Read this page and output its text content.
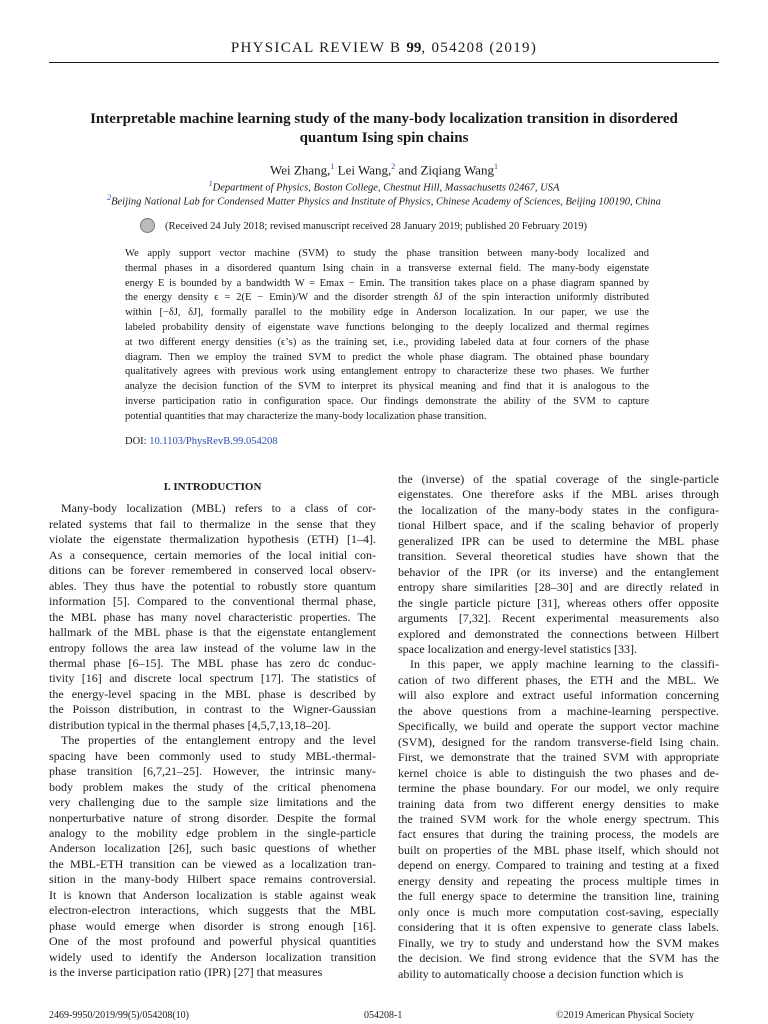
PHYSICAL REVIEW B 99, 054208 (2019)
Interpretable machine learning study of the many-body localization transition in disordered
quantum Ising spin chains
Wei Zhang,$^1$ Lei Wang,$^2$ and Ziqiang Wang$^1$
$^1$Department of Physics, Boston College, Chestnut Hill, Massachusetts 02467, USA
$^2$Beijing National Lab for Condensed Matter Physics and Institute of Physics, Chinese Academy of Sciences, Beijing 100190, China
(Received 24 July 2018; revised manuscript received 28 January 2019; published 20 February 2019)
We apply support vector machine (SVM) to study the phase transition between many-body localized and
thermal phases in a disordered quantum Ising chain in a transverse external field. The many-body eigenstate
energy E is bounded by a bandwidth W = Emax − Emin. The transition takes place on a phase diagram spanned by
the energy density ϵ = 2(E − Emin)/W and the disorder strength δJ of the spin interaction uniformly distributed
within [−δJ, δJ], formally parallel to the mobility edge in Anderson localization. In our paper, we use the
labeled probability density of eigenstate wave functions belonging to the deeply localized and thermal regimes
at two different energy densities (ϵ’s) as the training set, i.e., providing labeled data at four corners of the phase
diagram. Then we employ the trained SVM to predict the whole phase diagram. The obtained phase boundary
qualitatively agrees with previous work using entanglement entropy to characterize these two phases. We further
analyze the decision function of the SVM to interpret its physical meaning and find that it is analogous to the
inverse participation ratio in configuration space. Our findings demonstrate the ability of the SVM to capture
potential quantities that may characterize the many-body localization phase transition.
DOI: 10.1103/PhysRevB.99.054208
I. INTRODUCTION
Many-body localization (MBL) refers to a class of cor-
related systems that fail to thermalize in the sense that they
violate the eigenstate thermalization hypothesis (ETH) [1–4].
As a consequence, certain memories of the local initial con-
ditions can be forever remembered in conserved local observ-
ables. They thus have the potential to robustly store quantum
information [5]. Compared to the conventional thermal phase,
the MBL phase has many novel characteristic properties. The
hallmark of the MBL phase is that the eigenstate entanglement
entropy follows the area law instead of the volume law in the
thermal phase [6–15]. The MBL phase has zero dc conduc-
tivity [16] and discrete local spectrum [17]. The statistics of
the energy-level spacing in the MBL phase is described by
the Poisson distribution, in contrast to the Wigner-Gaussian
distribution typical in the thermal phases [4,5,7,13,18–20].
The properties of the entanglement entropy and the level
spacing have been commonly used to study MBL-thermal-
phase transition [6,7,21–25]. However, the intrinsic many-
body problem makes the study of the critical phenomena
very challenging due to the sample size limitations and the
nonperturbative nature of strong disorder. Despite the formal
analogy to the mobility edge problem in the single-particle
Anderson localization [26], such basic questions of whether
the MBL-ETH transition can be viewed as a localization tran-
sition in the many-body Hilbert space remains controversial.
It is known that Anderson localization is stable against weak
electron-electron interactions, which suggests that the MBL
phase would emerge when disorder is strong enough [16].
One of the most profound and powerful physical quantities
widely used to identify the Anderson localization transition
is the inverse participation ratio (IPR) [27] that measures
the (inverse) of the spatial coverage of the single-particle
eigenstates. One therefore asks if the MBL arises through
the localization of the many-body states in the configura-
tional Hilbert space, and if the scaling behavior of properly
generalized IPR can be used to determine the MBL phase
transition. Several theoretical studies have shown that the
behavior of the IPR (or its inverse) and the entanglement
entropy share similarities [28–30] and are directly related in
the single particle picture [31], whereas others offer opposite
arguments [7,32]. Recent experimental measurements also
explored and demonstrated the connections between Hilbert
space localization and energy-level statistics [33].
In this paper, we apply machine learning to the classifi-
cation of two different phases, the ETH and the MBL. We
will also explore and extract useful information concerning
the above questions from a machine-learning perspective.
Specifically, we build and operate the support vector machine
(SVM), designed for the random transverse-field Ising chain.
First, we demonstrate that the trained SVM with appropriate
kernel choice is able to distinguish the two phases and de-
termine the phase boundary. For our model, we only require
training data from two different energy densities to make
the trained SVM work for the whole energy spectrum. This
fact ensures that during the training process, the models are
built on properties of the MBL phase itself, which should not
depend on energy. Compared to training and testing at a fixed
energy density and repeating the process multiple times in
the full energy space to determine the transition line, training
only once is much more computation cost-saving, especially
considering that it is often expensive to generate class labels.
Finally, we try to study and understand how the SVM makes
the decision. We find strong evidence that the SVM has the
ability to automatically choose a decision function which is
2469-9950/2019/99(5)/054208(10)	054208-1	©2019 American Physical Society
